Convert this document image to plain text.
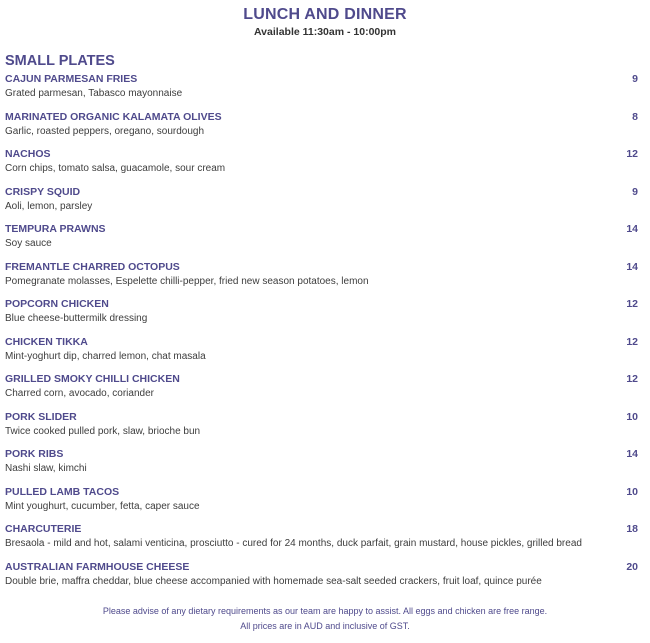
LUNCH AND DINNER
Available 11:30am - 10:00pm
SMALL PLATES
CAJUN PARMESAN FRIES	9
Grated parmesan, Tabasco mayonnaise
MARINATED ORGANIC KALAMATA OLIVES	8
Garlic, roasted peppers, oregano, sourdough
NACHOS	12
Corn chips, tomato salsa, guacamole, sour cream
CRISPY SQUID	9
Aoli, lemon, parsley
TEMPURA PRAWNS	14
Soy sauce
FREMANTLE CHARRED OCTOPUS	14
Pomegranate molasses, Espelette chilli-pepper, fried new season potatoes, lemon
POPCORN CHICKEN	12
Blue cheese-buttermilk dressing
CHICKEN TIKKA	12
Mint-yoghurt dip, charred lemon, chat masala
GRILLED SMOKY CHILLI CHICKEN	12
Charred corn, avocado, coriander
PORK SLIDER	10
Twice cooked pulled pork, slaw, brioche bun
PORK RIBS	14
Nashi slaw, kimchi
PULLED LAMB TACOS	10
Mint youghurt, cucumber, fetta, caper sauce
CHARCUTERIE	18
Bresaola - mild and hot, salami venticina, prosciutto - cured for 24 months, duck parfait, grain mustard, house pickles, grilled bread
AUSTRALIAN FARMHOUSE CHEESE	20
Double brie, maffra cheddar, blue cheese accompanied with homemade sea-salt seeded crackers, fruit loaf, quince purée
Please advise of any dietary requirements as our team are happy to assist. All eggs and chicken are free range.
All prices are in AUD and inclusive of GST.
